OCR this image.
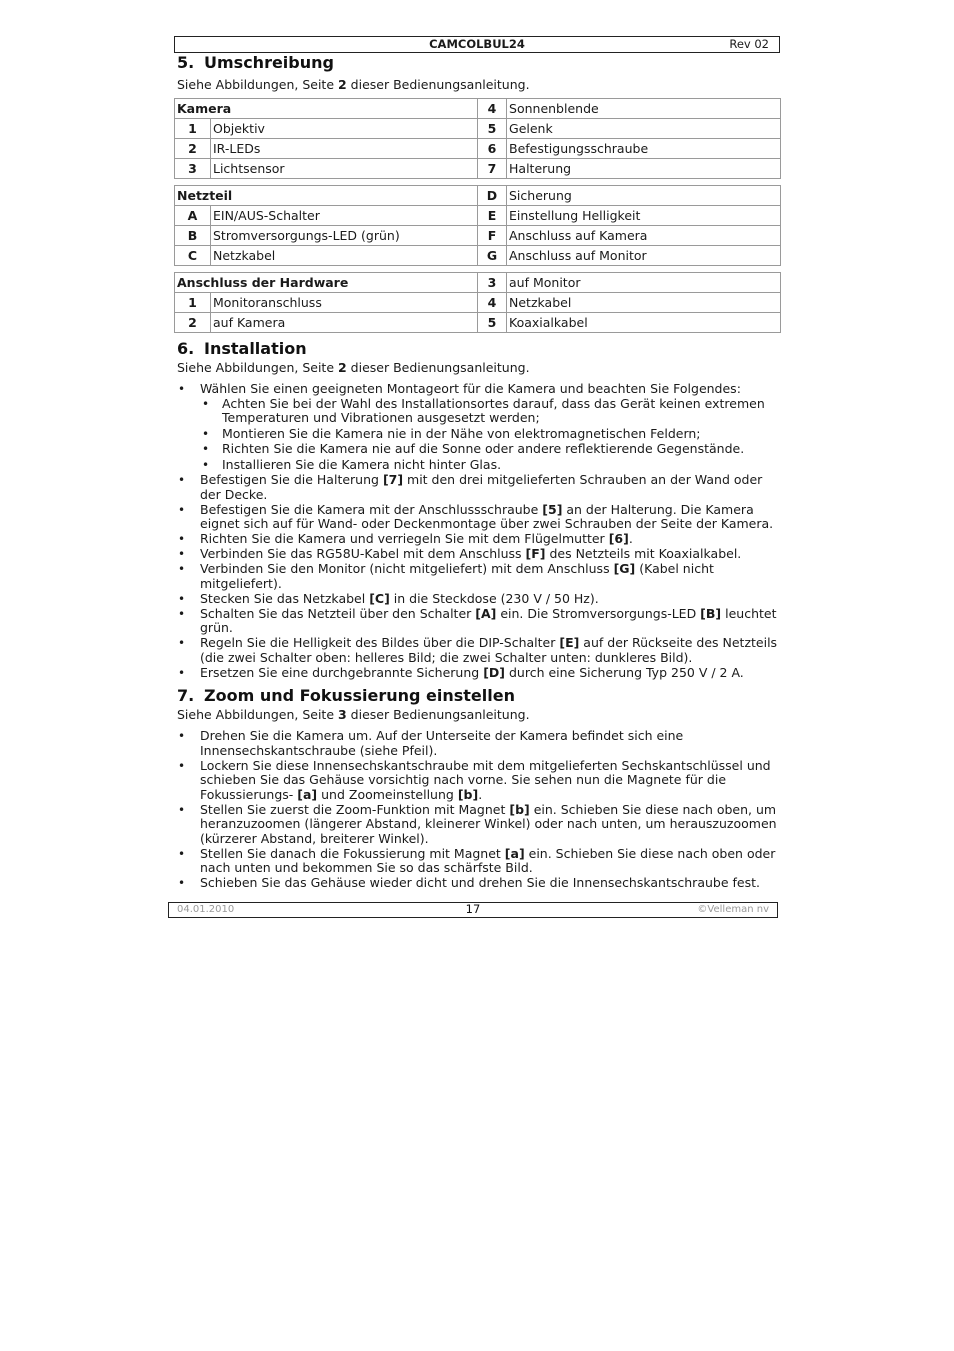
CAMCOLBUL24	Rev 02
5. Umschreibung

Siehe Abbildungen, Seite 2 dieser Bedienungsanleitung.

Kamera		4	Sonnenblende
1	Objektiv	5	Gelenk
2	IR-LEDs	6	Befestigungsschraube
3	Lichtsensor	7	Halterung
Netzteil		D	Sicherung
A	EIN/AUS-Schalter	E	Einstellung Helligkeit
B	Stromversorgungs-LED (grün)	F	Anschluss auf Kamera
C	Netzkabel	G	Anschluss auf Monitor
Anschluss der Hardware		3	auf Monitor
1	Monitoranschluss	4	Netzkabel
2	auf Kamera	5	Koaxialkabel
6. Installation

Siehe Abbildungen, Seite 2 dieser Bedienungsanleitung.

• Wählen Sie einen geeigneten Montageort für die Kamera und beachten Sie Folgendes:
• Achten Sie bei der Wahl des Installationsortes darauf, dass das Gerät keinen extremen Temperaturen und Vibrationen ausgesetzt werden;
• Montieren Sie die Kamera nie in der Nähe von elektromagnetischen Feldern;
• Richten Sie die Kamera nie auf die Sonne oder andere reflektierende Gegenstände.
• Installieren Sie die Kamera nicht hinter Glas.
• Befestigen Sie die Halterung [7] mit den drei mitgelieferten Schrauben an der Wand oder der Decke.
• Befestigen Sie die Kamera mit der Anschlussschraube [5] an der Halterung. Die Kamera eignet sich auf für Wand- oder Deckenmontage über zwei Schrauben der Seite der Kamera.
• Richten Sie die Kamera und verriegeln Sie mit dem Flügelmutter [6].
• Verbinden Sie das RG58U-Kabel mit dem Anschluss [F] des Netzteils mit Koaxialkabel.
• Verbinden Sie den Monitor (nicht mitgeliefert) mit dem Anschluss [G] (Kabel nicht mitgeliefert).
• Stecken Sie das Netzkabel [C] in die Steckdose (230 V / 50 Hz).
• Schalten Sie das Netzteil über den Schalter [A] ein. Die Stromversorgungs-LED [B] leuchtet grün.
• Regeln Sie die Helligkeit des Bildes über die DIP-Schalter [E] auf der Rückseite des Netzteils (die zwei Schalter oben: helleres Bild; die zwei Schalter unten: dunkleres Bild).
• Ersetzen Sie eine durchgebrannte Sicherung [D] durch eine Sicherung Typ 250 V / 2 A.
7. Zoom und Fokussierung einstellen

Siehe Abbildungen, Seite 3 dieser Bedienungsanleitung.

• Drehen Sie die Kamera um. Auf der Unterseite der Kamera befindet sich eine Innensechskantschraube (siehe Pfeil).
• Lockern Sie diese Innensechskantschraube mit dem mitgelieferten Sechskantschlüssel und schieben Sie das Gehäuse vorsichtig nach vorne. Sie sehen nun die Magnete für die Fokussierungs- [a] und Zoomeinstellung [b].
• Stellen Sie zuerst die Zoom-Funktion mit Magnet [b] ein. Schieben Sie diese nach oben, um heranzuzoomen (längerer Abstand, kleinerer Winkel) oder nach unten, um herauszuzoomen (kürzerer Abstand, breiterer Winkel).
• Stellen Sie danach die Fokussierung mit Magnet [a] ein. Schieben Sie diese nach oben oder nach unten und bekommen Sie so das schärfste Bild.
• Schieben Sie das Gehäuse wieder dicht und drehen Sie die Innensechskantschraube fest.
04.01.2010	17	©Velleman nv
